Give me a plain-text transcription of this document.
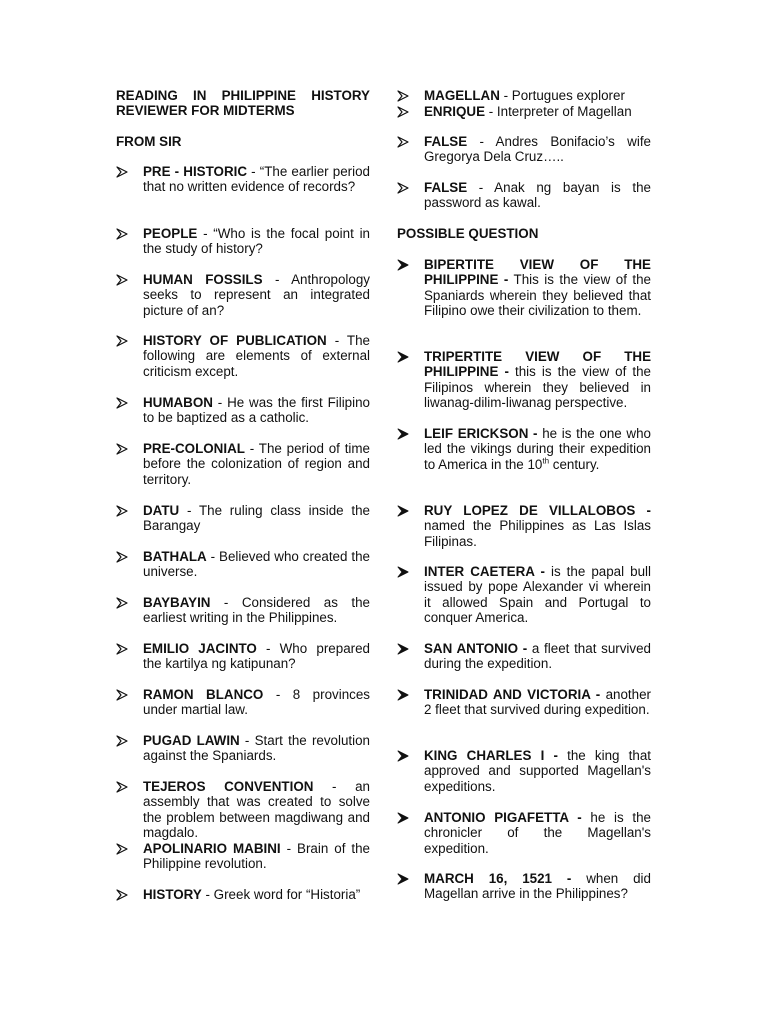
READING IN PHILIPPINE HISTORY REVIEWER FOR MIDTERMS
FROM SIR
PRE - HISTORIC - “The earlier period that no written evidence of records?
PEOPLE - “Who is the focal point in the study of history?
HUMAN FOSSILS - Anthropology seeks to represent an integrated picture of an?
HISTORY OF PUBLICATION - The following are elements of external criticism except.
HUMABON - He was the first Filipino to be baptized as a catholic.
PRE-COLONIAL - The period of time before the colonization of region and territory.
DATU - The ruling class inside the Barangay
BATHALA - Believed who created the universe.
BAYBAYIN - Considered as the earliest writing in the Philippines.
EMILIO JACINTO - Who prepared the kartilya ng katipunan?
RAMON BLANCO - 8 provinces under martial law.
PUGAD LAWIN - Start the revolution against the Spaniards.
TEJEROS CONVENTION - an assembly that was created to solve the problem between magdiwang and magdalo.
APOLINARIO MABINI - Brain of the Philippine revolution.
HISTORY - Greek word for “Historia”
MAGELLAN - Portugues explorer
ENRIQUE - Interpreter of Magellan
FALSE - Andres Bonifacio’s wife Gregorya Dela Cruz…..
FALSE - Anak ng bayan is the password as kawal.
POSSIBLE QUESTION
BIPERTITE VIEW OF THE PHILIPPINE - This is the view of the Spaniards wherein they believed that Filipino owe their civilization to them.
TRIPERTITE VIEW OF THE PHILIPPINE - this is the view of the Filipinos wherein they believed in liwanag-dilim-liwanag perspective.
LEIF ERICKSON - he is the one who led the vikings during their expedition to America in the 10th century.
RUY LOPEZ DE VILLALOBOS - named the Philippines as Las Islas Filipinas.
INTER CAETERA - is the papal bull issued by pope Alexander vi wherein it allowed Spain and Portugal to conquer America.
SAN ANTONIO - a fleet that survived during the expedition.
TRINIDAD AND VICTORIA - another 2 fleet that survived during expedition.
KING CHARLES I - the king that approved and supported Magellan's expeditions.
ANTONIO PIGAFETTA - he is the chronicler of the Magellan's expedition.
MARCH 16, 1521 - when did Magellan arrive in the Philippines?
